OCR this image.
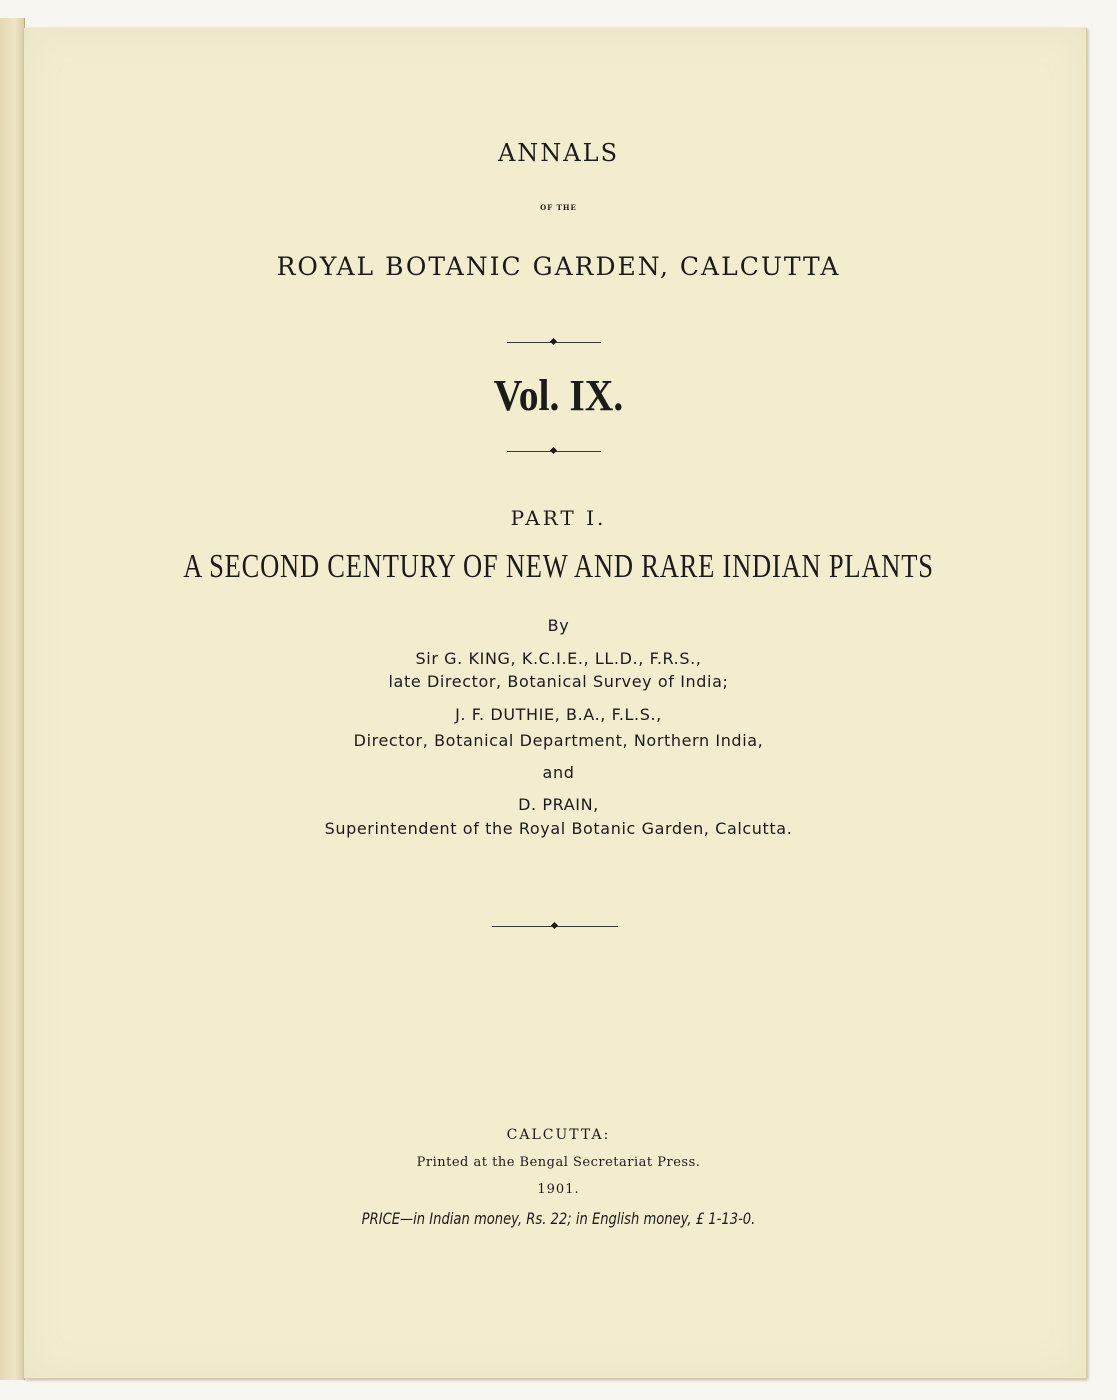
ANNALS
OF THE
ROYAL BOTANIC GARDEN, CALCUTTA
Vol. IX.
PART I.
A SECOND CENTURY OF NEW AND RARE INDIAN PLANTS
By
Sir G. KING, K.C.I.E., LL.D., F.R.S.,
late Director, Botanical Survey of India;
J. F. DUTHIE, B.A., F.L.S.,
Director, Botanical Department, Northern India,
and
D. PRAIN,
Superintendent of the Royal Botanic Garden, Calcutta.
CALCUTTA:
Printed at the Bengal Secretariat Press.
1901.
PRICE—in Indian money, Rs. 22; in English money, £ 1-13-0.
